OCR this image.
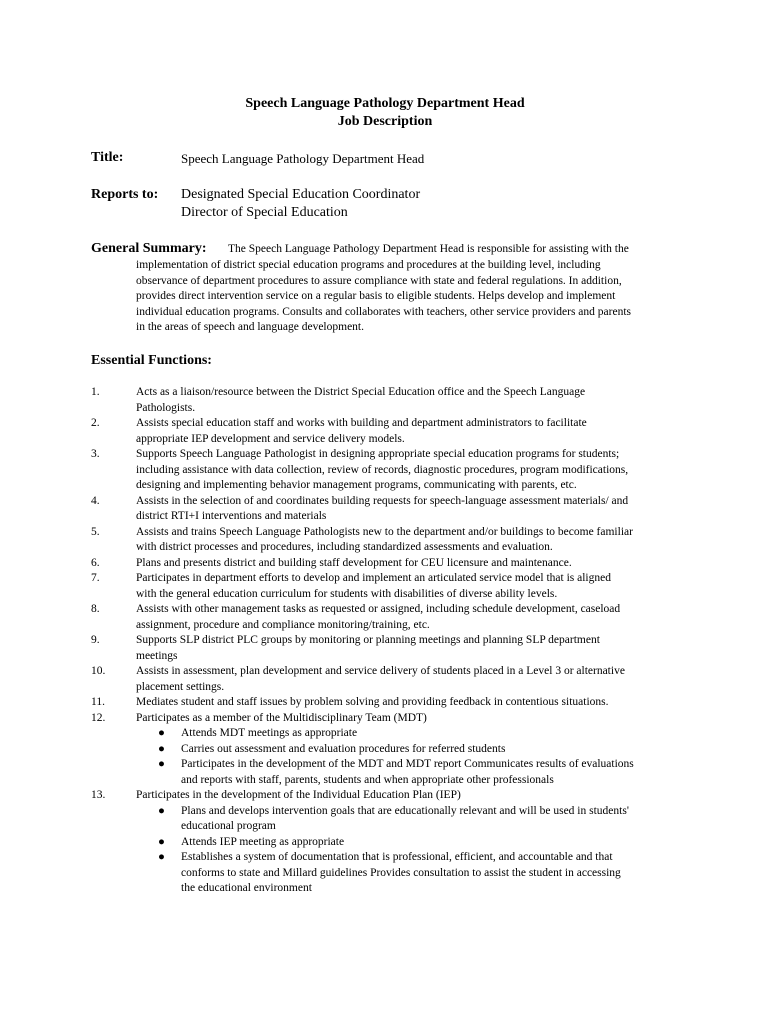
Speech Language Pathology Department Head
Job Description
Title:	Speech Language Pathology Department Head
Reports to: Designated Special Education Coordinator
Director of Special Education
General Summary: The Speech Language Pathology Department Head is responsible for assisting with the
implementation of district special education programs and procedures at the building level, including
observance of department procedures to assure compliance with state and federal regulations. In addition,
provides direct intervention service on a regular basis to eligible students. Helps develop and implement
individual education programs. Consults and collaborates with teachers, other service providers and parents
in the areas of speech and language development.
Essential Functions:
1.	Acts as a liaison/resource between the District Special Education office and the Speech Language
Pathologists.
2.	Assists special education staff and works with building and department administrators to facilitate
appropriate IEP development and service delivery models.
3.	Supports Speech Language Pathologist in designing appropriate special education programs for students;
including assistance with data collection, review of records, diagnostic procedures, program modifications,
designing and implementing behavior management programs, communicating with parents, etc.
4.	Assists in the selection of and coordinates building requests for speech-language assessment materials/ and
district RTI+I interventions and materials
5.	Assists and trains Speech Language Pathologists new to the department and/or buildings to become familiar
with district processes and procedures, including standardized assessments and evaluation.
6.	Plans and presents district and building staff development for CEU licensure and maintenance.
7.	Participates in department efforts to develop and implement an articulated service model that is aligned
with the general education curriculum for students with disabilities of diverse ability levels.
8.	Assists with other management tasks as requested or assigned, including schedule development, caseload
assignment, procedure and compliance monitoring/training, etc.
9.	Supports SLP district PLC groups by monitoring or planning meetings and planning SLP department
meetings
10.	Assists in assessment, plan development and service delivery of students placed in a Level 3 or alternative
placement settings.
11.	Mediates student and staff issues by problem solving and providing feedback in contentious situations.
12.	Participates as a member of the Multidisciplinary Team (MDT)
● Attends MDT meetings as appropriate
● Carries out assessment and evaluation procedures for referred students
● Participates in the development of the MDT and MDT report Communicates results of evaluations
and reports with staff, parents, students and when appropriate other professionals
13.	Participates in the development of the Individual Education Plan (IEP)
● Plans and develops intervention goals that are educationally relevant and will be used in students'
educational program
● Attends IEP meeting as appropriate
● Establishes a system of documentation that is professional, efficient, and accountable and that
conforms to state and Millard guidelines Provides consultation to assist the student in accessing
the educational environment
